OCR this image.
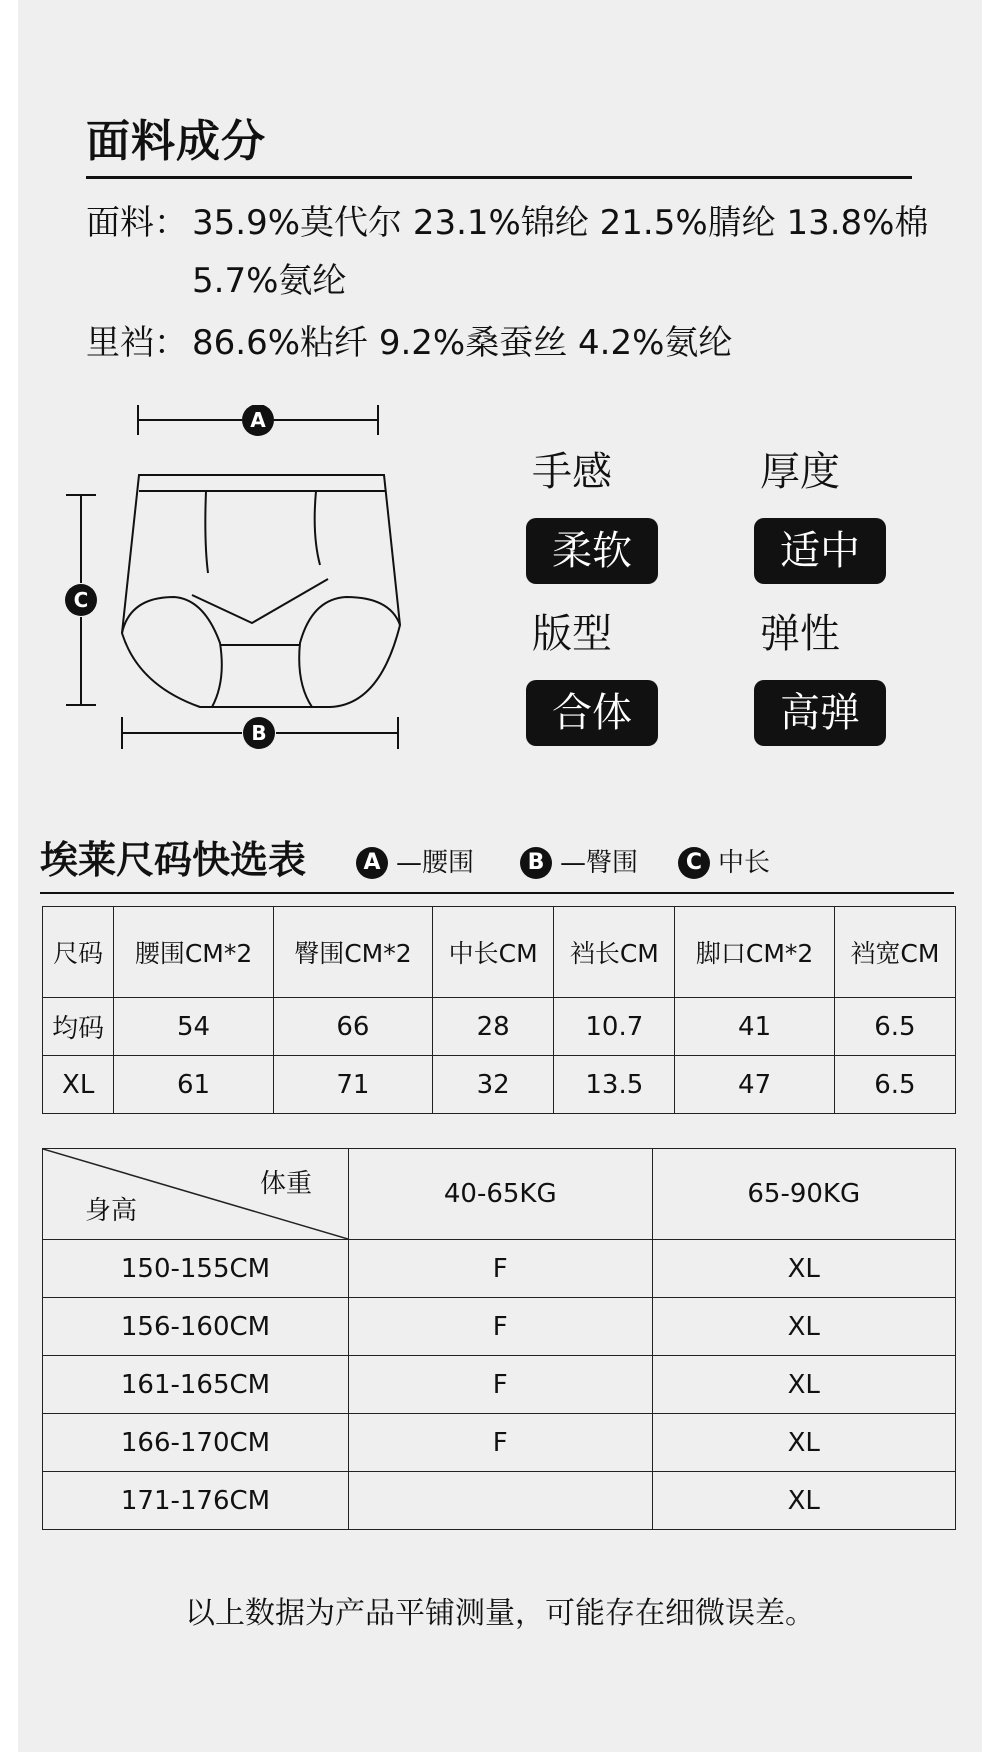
面料成分
面料： 35.9%莫代尔 23.1%锦纶 21.5%腈纶 13.8%棉
5.7%氨纶
里裆： 86.6%粘纤 9.2%桑蚕丝 4.2%氨纶
A
C
B
手感
柔软
厚度
适中
版型
合体
弹性
高弹
埃莱尺码快选表	A —腰围	B —臀围	C 中长
尺码	腰围CM*2	臀围CM*2	中长CM	裆长CM	脚口CM*2	裆宽CM
均码	54	66	28	10.7	41	6.5
XL	61	71	32	13.5	47	6.5
体重
身高	40-65KG	65-90KG
150-155CM	F	XL
156-160CM	F	XL
161-165CM	F	XL
166-170CM	F	XL
171-176CM		XL
以上数据为产品平铺测量，可能存在细微误差。
